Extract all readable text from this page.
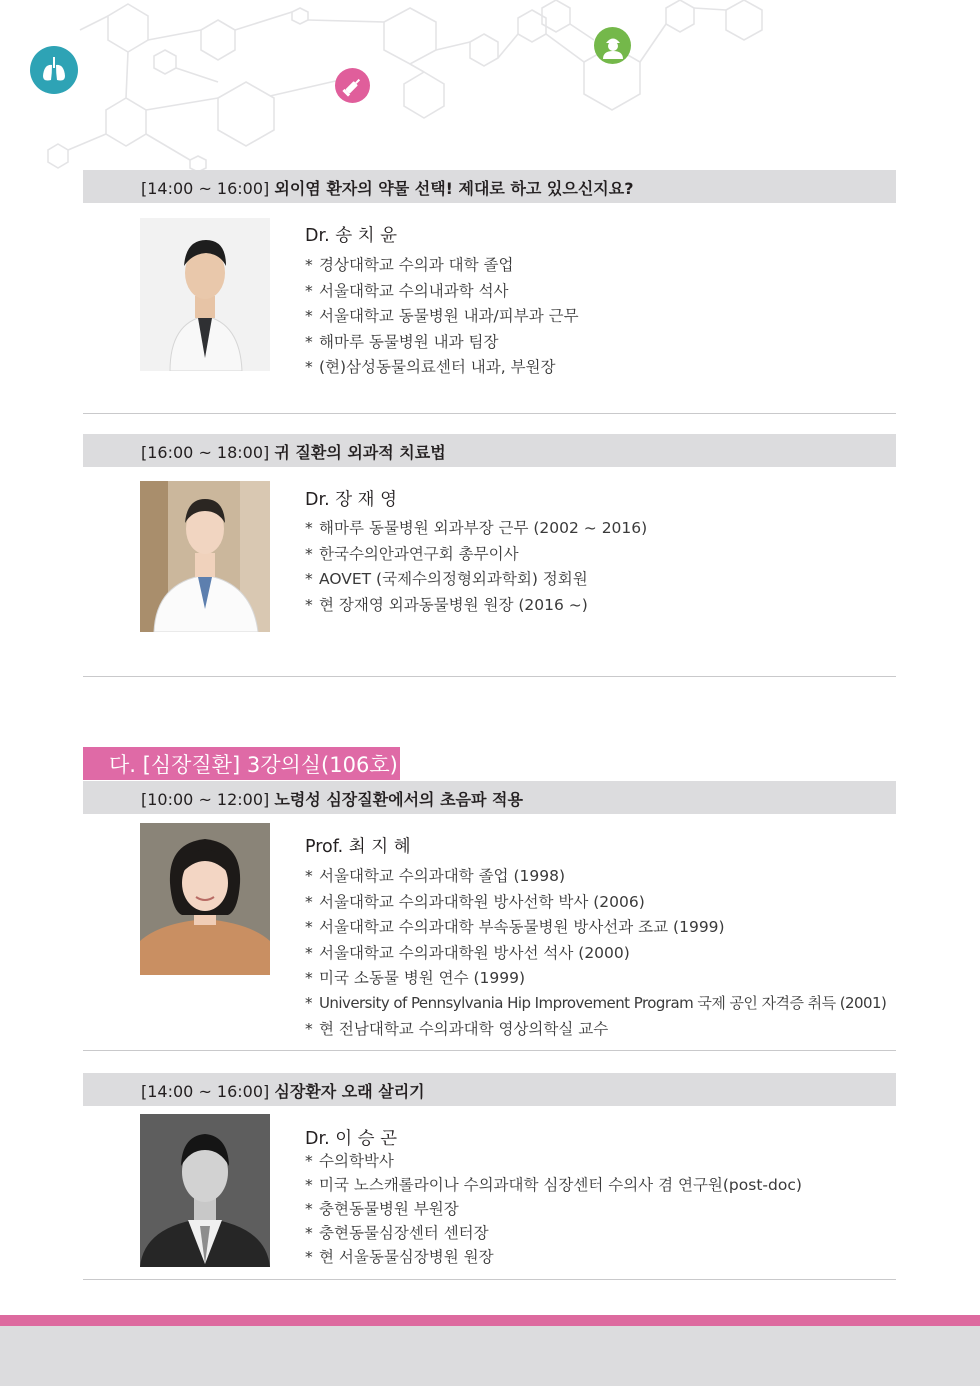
[14:00 ~ 16:00] 외이염 환자의 약물 선택! 제대로 하고 있으신지요?
Dr. 송 치 윤
* 경상대학교 수의과 대학 졸업
* 서울대학교 수의내과학 석사
* 서울대학교 동물병원 내과/피부과 근무
* 해마루 동물병원 내과 팀장
* (현)삼성동물의료센터 내과, 부원장
[16:00 ~ 18:00] 귀 질환의 외과적 치료법
Dr. 장 재 영
* 해마루 동물병원 외과부장 근무 (2002 ~ 2016)
* 한국수의안과연구회 총무이사
* AOVET (국제수의정형외과학회) 정회원
* 현 장재영 외과동물병원 원장 (2016 ~)
다. [심장질환] 3강의실(106호)
[10:00 ~ 12:00] 노령성 심장질환에서의 초음파 적용
Prof. 최 지 혜
* 서울대학교 수의과대학 졸업 (1998)
* 서울대학교 수의과대학원 방사선학 박사 (2006)
* 서울대학교 수의과대학 부속동물병원 방사선과 조교 (1999)
* 서울대학교 수의과대학원 방사선 석사 (2000)
* 미국 소동물 병원 연수 (1999)
* University of Pennsylvania Hip Improvement Program 국제 공인 자격증 취득 (2001)
* 현 전남대학교 수의과대학 영상의학실 교수
[14:00 ~ 16:00] 심장환자 오래 살리기
Dr. 이 승 곤
* 수의학박사
* 미국 노스캐롤라이나 수의과대학 심장센터 수의사 겸 연구원(post-doc)
* 충현동물병원 부원장
* 충현동물심장센터 센터장
* 현 서울동물심장병원 원장
